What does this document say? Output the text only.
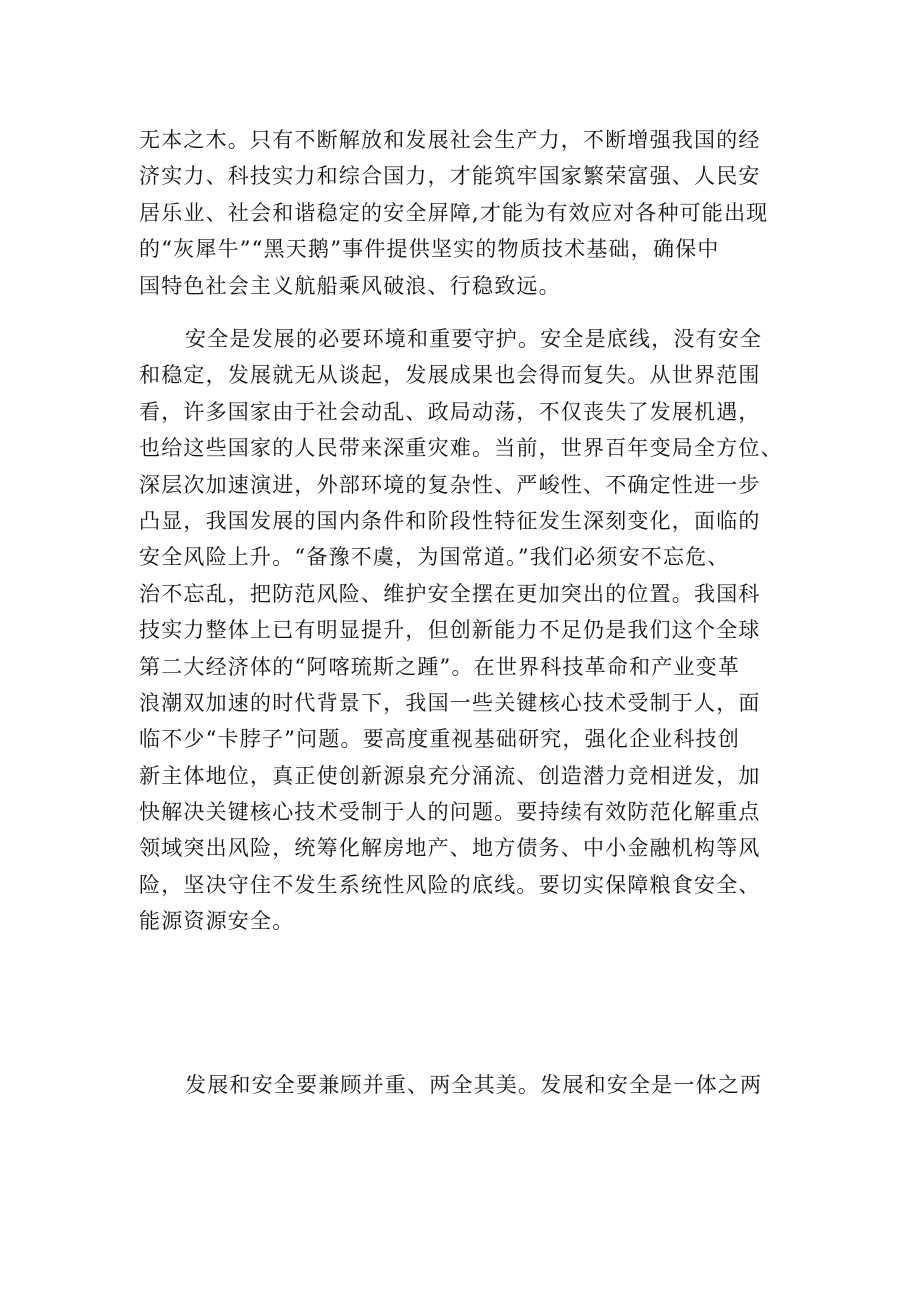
无本之木。只有不断解放和发展社会生产力，不断增强我国的经
济实力、科技实力和综合国力，才能筑牢国家繁荣富强、人民安
居乐业、社会和谐稳定的安全屏障,才能为有效应对各种可能出现
的“灰犀牛”“黑天鹅”事件提供坚实的物质技术基础，确保中
国特色社会主义航船乘风破浪、行稳致远。
安全是发展的必要环境和重要守护。安全是底线，没有安全
和稳定，发展就无从谈起，发展成果也会得而复失。从世界范围
看，许多国家由于社会动乱、政局动荡，不仅丧失了发展机遇，
也给这些国家的人民带来深重灾难。当前，世界百年变局全方位、
深层次加速演进，外部环境的复杂性、严峻性、不确定性进一步
凸显，我国发展的国内条件和阶段性特征发生深刻变化，面临的
安全风险上升。“备豫不虞，为国常道。”我们必须安不忘危、
治不忘乱，把防范风险、维护安全摆在更加突出的位置。我国科
技实力整体上已有明显提升，但创新能力不足仍是我们这个全球
第二大经济体的“阿喀琉斯之踵”。在世界科技革命和产业变革
浪潮双加速的时代背景下，我国一些关键核心技术受制于人，面
临不少“卡脖子”问题。要高度重视基础研究，强化企业科技创
新主体地位，真正使创新源泉充分涌流、创造潜力竞相迸发，加
快解决关键核心技术受制于人的问题。要持续有效防范化解重点
领域突出风险，统筹化解房地产、地方债务、中小金融机构等风
险，坚决守住不发生系统性风险的底线。要切实保障粮食安全、
能源资源安全。
发展和安全要兼顾并重、两全其美。发展和安全是一体之两
